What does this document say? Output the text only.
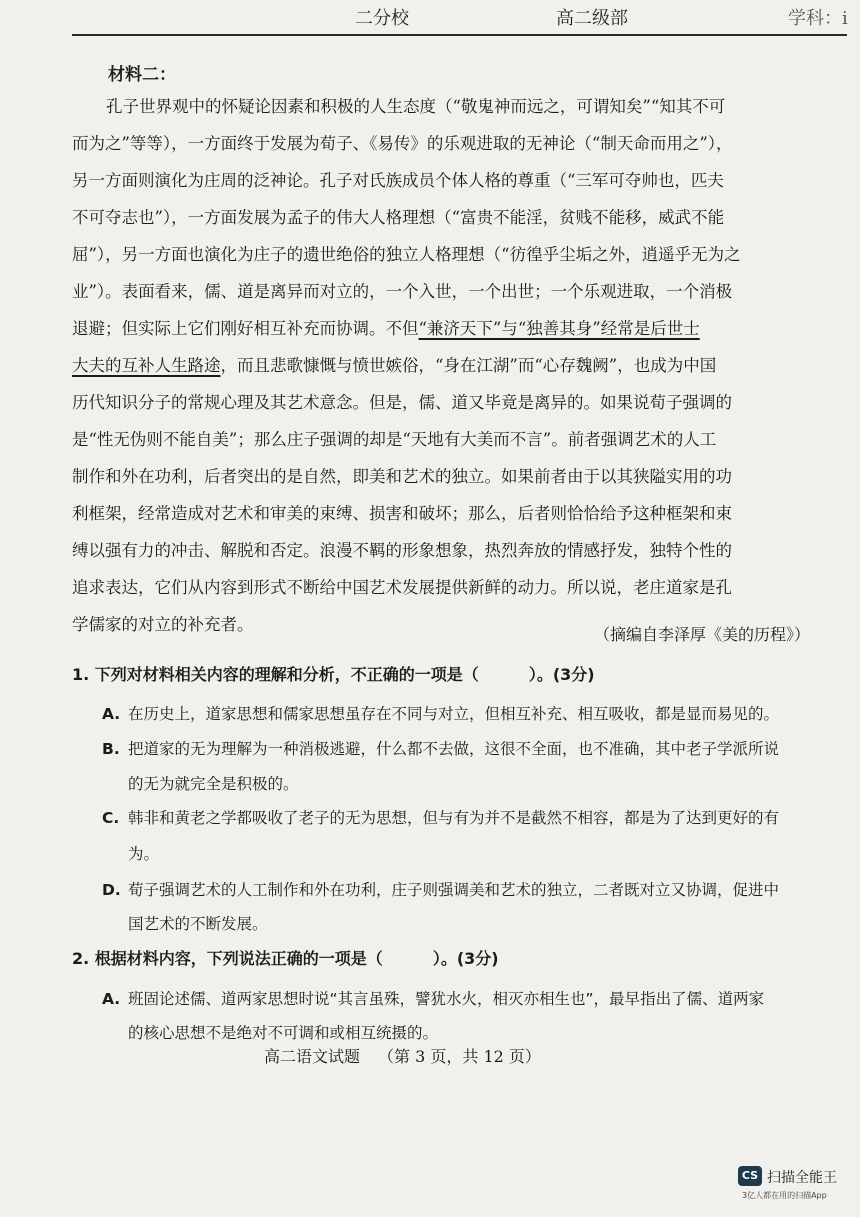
二分校	高二级部	学科：i
材料二：
孔子世界观中的怀疑论因素和积极的人生态度（“敬鬼神而远之，可谓知矣”“知其不可
而为之”等等），一方面终于发展为荀子、《易传》的乐观进取的无神论（“制天命而用之”），
另一方面则演化为庄周的泛神论。孔子对氏族成员个体人格的尊重（“三军可夺帅也，匹夫
不可夺志也”），一方面发展为孟子的伟大人格理想（“富贵不能淫，贫贱不能移，威武不能
屈”），另一方面也演化为庄子的遗世绝俗的独立人格理想（“彷徨乎尘垢之外，逍遥乎无为之
业”）。表面看来，儒、道是离异而对立的，一个入世，一个出世；一个乐观进取，一个消极
退避；但实际上它们刚好相互补充而协调。不但“兼济天下”与“独善其身”经常是后世士
大夫的互补人生路途，而且悲歌慷慨与愤世嫉俗，“身在江湖”而“心存魏阙”，也成为中国
历代知识分子的常规心理及其艺术意念。但是，儒、道又毕竟是离异的。如果说荀子强调的
是“性无伪则不能自美”；那么庄子强调的却是“天地有大美而不言”。前者强调艺术的人工
制作和外在功利，后者突出的是自然，即美和艺术的独立。如果前者由于以其狭隘实用的功
利框架，经常造成对艺术和审美的束缚、损害和破坏；那么，后者则恰恰给予这种框架和束
缚以强有力的冲击、解脱和否定。浪漫不羁的形象想象，热烈奔放的情感抒发，独特个性的
追求表达，它们从内容到形式不断给中国艺术发展提供新鲜的动力。所以说，老庄道家是孔
学儒家的对立的补充者。
（摘编自李泽厚《美的历程》）
1. 下列对材料相关内容的理解和分析，不正确的一项是（	）。(3分)
A. 在历史上，道家思想和儒家思想虽存在不同与对立，但相互补充、相互吸收，都是显而易见的。
B. 把道家的无为理解为一种消极逃避，什么都不去做，这很不全面，也不准确，其中老子学派所说
的无为就完全是积极的。
C. 韩非和黄老之学都吸收了老子的无为思想，但与有为并不是截然不相容，都是为了达到更好的有
为。
D. 荀子强调艺术的人工制作和外在功利，庄子则强调美和艺术的独立，二者既对立又协调，促进中
国艺术的不断发展。
2. 根据材料内容，下列说法正确的一项是（	）。(3分)
A. 班固论述儒、道两家思想时说“其言虽殊，譬犹水火，相灭亦相生也”，最早指出了儒、道两家
的核心思想不是绝对不可调和或相互统摄的。
高二语文试题 （第 3 页，共 12 页）
CS 扫描全能王
3亿人都在用的扫描App
